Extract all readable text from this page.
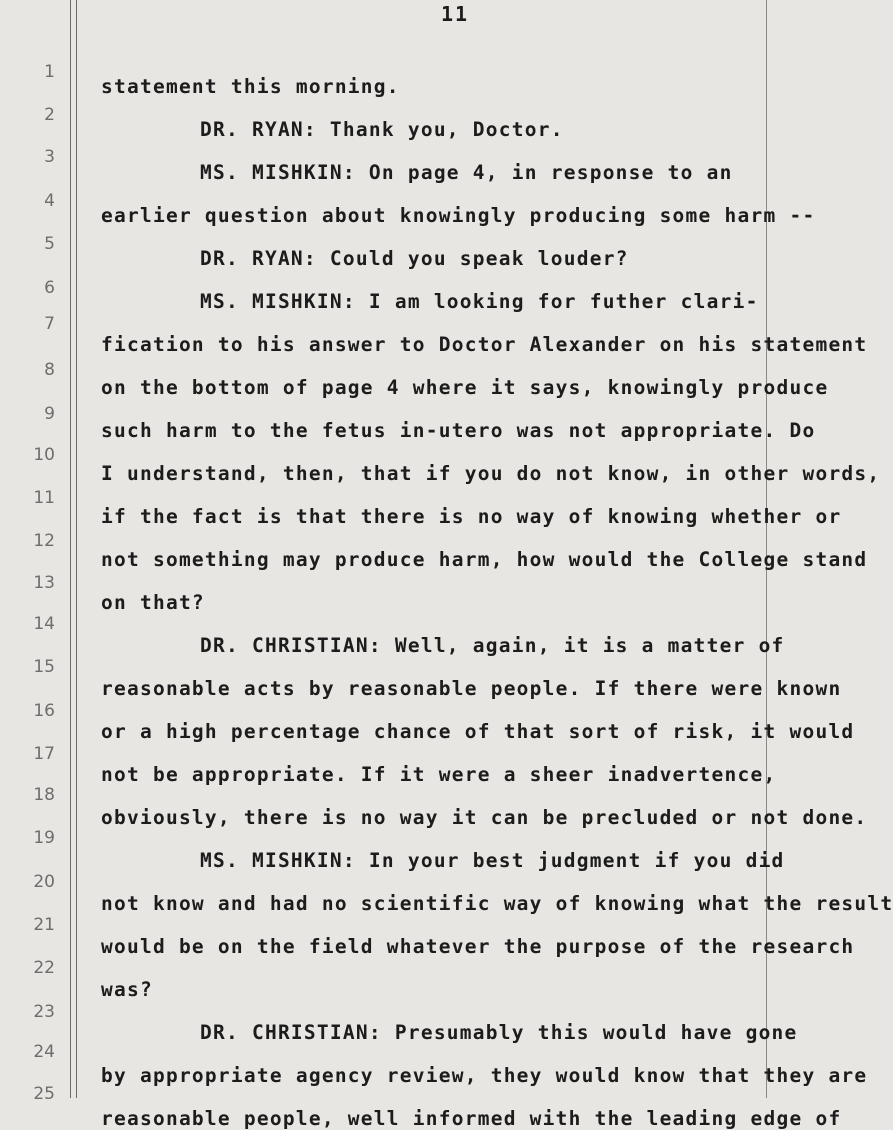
11
1
2
3
4
5
6
7
8
9
10
11
12
13
14
15
16
17
18
19
20
21
22
23
24
25
statement this morning.
DR. RYAN: Thank you, Doctor.
MS. MISHKIN: On page 4, in response to an
earlier question about knowingly producing some harm --
DR. RYAN: Could you speak louder?
MS. MISHKIN: I am looking for futher clari-
fication to his answer to Doctor Alexander on his statement
on the bottom of page 4 where it says, knowingly produce
such harm to the fetus in-utero was not appropriate. Do
I understand, then, that if you do not know, in other words,
if the fact is that there is no way of knowing whether or
not something may produce harm, how would the College stand
on that?
DR. CHRISTIAN: Well, again, it is a matter of
reasonable acts by reasonable people. If there were known
or a high percentage chance of that sort of risk, it would
not be appropriate. If it were a sheer inadvertence,
obviously, there is no way it can be precluded or not done.
MS. MISHKIN: In your best judgment if you did
not know and had no scientific way of knowing what the result
would be on the field whatever the purpose of the research
was?
DR. CHRISTIAN: Presumably this would have gone
by appropriate agency review, they would know that they are
reasonable people, well informed with the leading edge of
